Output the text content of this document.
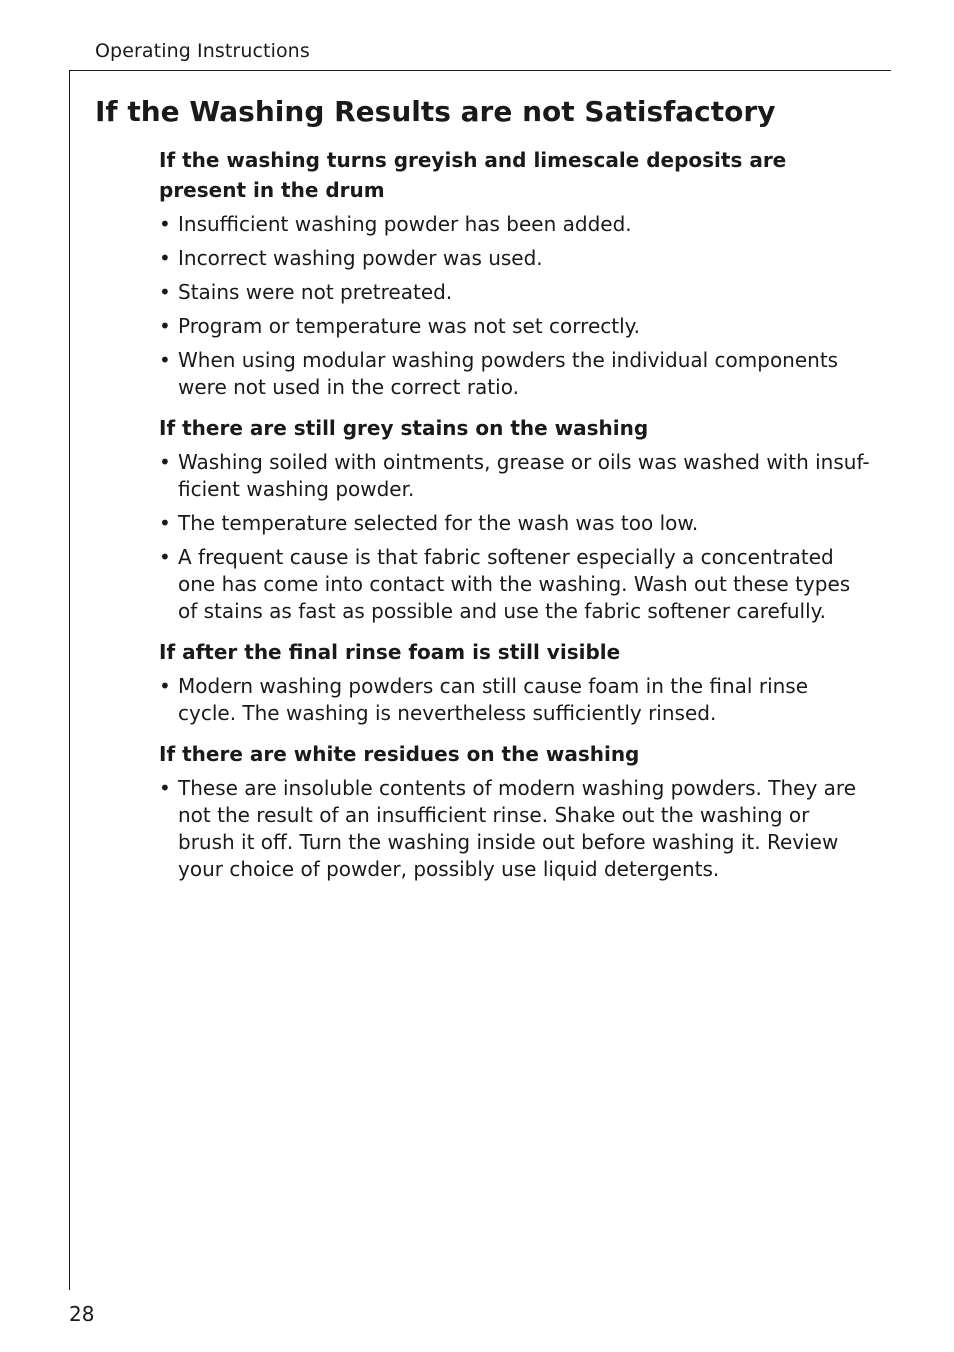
Operating Instructions
If the Washing Results are not Satisfactory
If the washing turns greyish and limescale deposits are present in the drum
• Insufficient washing powder has been added.
• Incorrect washing powder was used.
• Stains were not pretreated.
• Program or temperature was not set correctly.
• When using modular washing powders the individual components were not used in the correct ratio.
If there are still grey stains on the washing
• Washing soiled with ointments, grease or oils was washed with insuf-ficient washing powder.
• The temperature selected for the wash was too low.
• A frequent cause is that fabric softener especially a concentrated one has come into contact with the washing. Wash out these types of stains as fast as possible and use the fabric softener carefully.
If after the final rinse foam is still visible
• Modern washing powders can still cause foam in the final rinse cycle. The washing is nevertheless sufficiently rinsed.
If there are white residues on the washing
• These are insoluble contents of modern washing powders. They are not the result of an insufficient rinse. Shake out the washing or brush it off. Turn the washing inside out before washing it. Review your choice of powder, possibly use liquid detergents.
28
